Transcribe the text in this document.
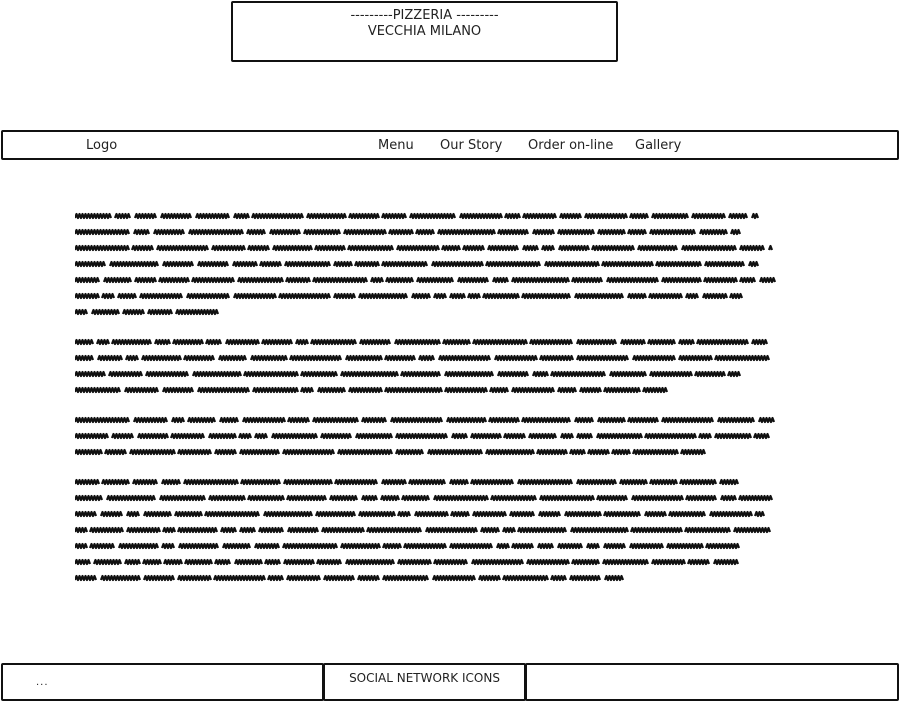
---------PIZZERIA ---------
VECCHIA MILANO
Logo	Menu Our Story Order on-line Gallery
...	SOCIAL NETWORK ICONS
